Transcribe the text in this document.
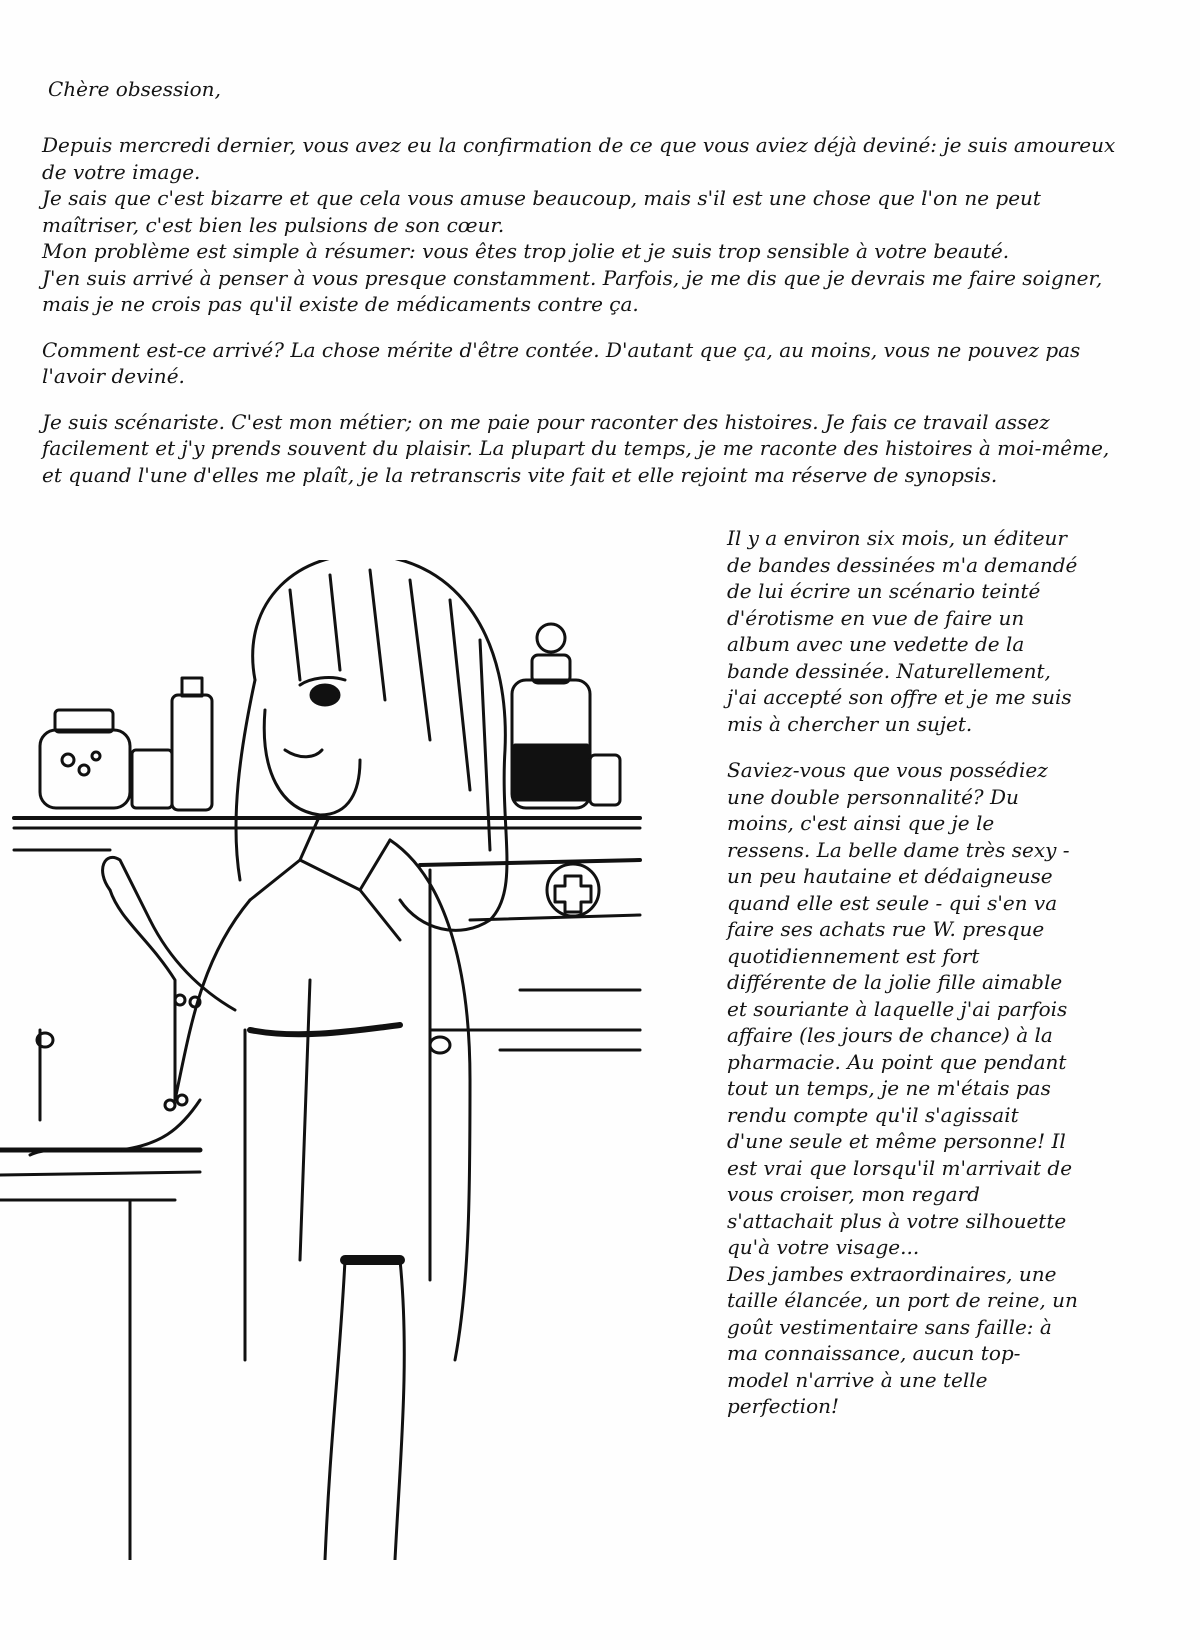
Chère obsession,

Depuis mercredi dernier, vous avez eu la confirmation de ce que vous aviez déjà deviné: je suis amoureux
de votre image.
Je sais que c'est bizarre et que cela vous amuse beaucoup, mais s'il est une chose que l'on ne peut
maîtriser, c'est bien les pulsions de son cœur.
Mon problème est simple à résumer: vous êtes trop jolie et je suis trop sensible à votre beauté.
J'en suis arrivé à penser à vous presque constamment. Parfois, je me dis que je devrais me faire soigner,
mais je ne crois pas qu'il existe de médicaments contre ça.

Comment est-ce arrivé? La chose mérite d'être contée. D'autant que ça, au moins, vous ne pouvez pas
l'avoir deviné.

Je suis scénariste. C'est mon métier; on me paie pour raconter des histoires. Je fais ce travail assez
facilement et j'y prends souvent du plaisir. La plupart du temps, je me raconte des histoires à moi-même,
et quand l'une d'elles me plaît, je la retranscris vite fait et elle rejoint ma réserve de synopsis.

Il y a environ six mois, un éditeur
de bandes dessinées m'a demandé
de lui écrire un scénario teinté
d'érotisme en vue de faire un
album avec une vedette de la
bande dessinée. Naturellement,
j'ai accepté son offre et je me suis
mis à chercher un sujet.

Saviez-vous que vous possédiez
une double personnalité? Du
moins, c'est ainsi que je le
ressens. La belle dame très sexy -
un peu hautaine et dédaigneuse
quand elle est seule - qui s'en va
faire ses achats rue W. presque
quotidiennement est fort
différente de la jolie fille aimable
et souriante à laquelle j'ai parfois
affaire (les jours de chance) à la
pharmacie. Au point que pendant
tout un temps, je ne m'étais pas
rendu compte qu'il s'agissait
d'une seule et même personne! Il
est vrai que lorsqu'il m'arrivait de
vous croiser, mon regard
s'attachait plus à votre silhouette
qu'à votre visage...
Des jambes extraordinaires, une
taille élancée, un port de reine, un
goût vestimentaire sans faille: à
ma connaissance, aucun top-
model n'arrive à une telle
perfection!
